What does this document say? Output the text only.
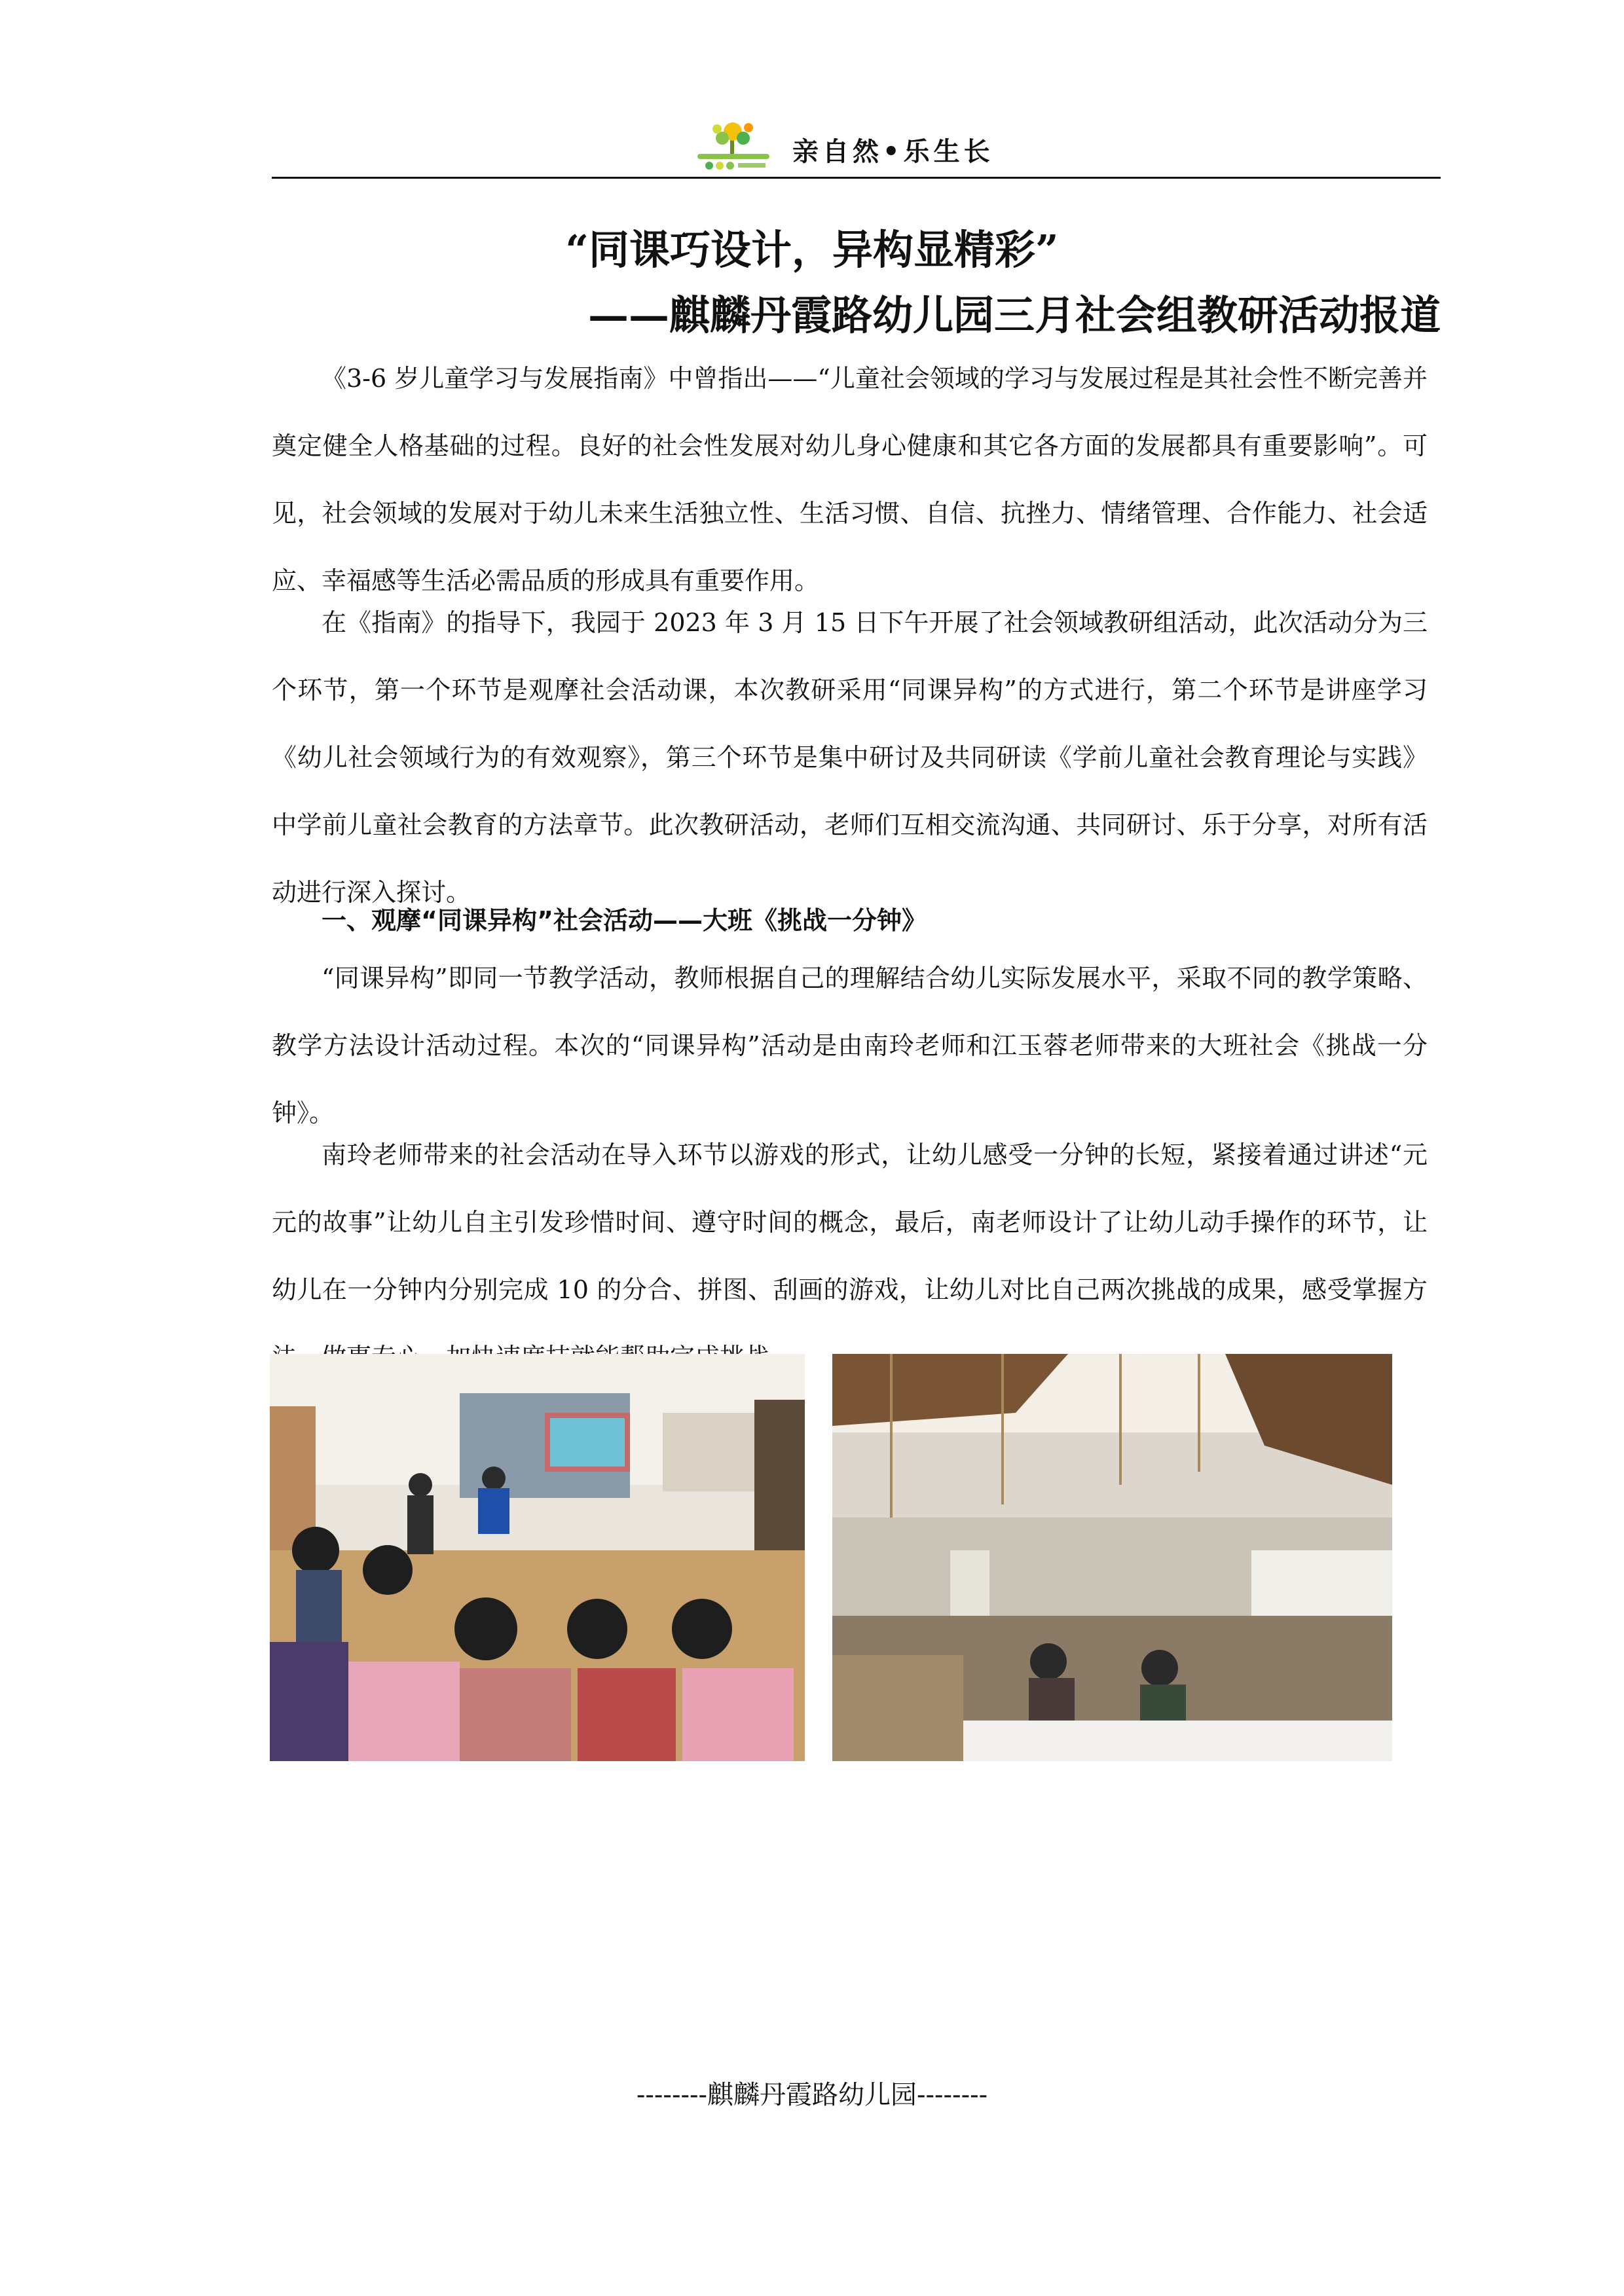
亲自然•乐生长
“同课巧设计，异构显精彩”
——麒麟丹霞路幼儿园三月社会组教研活动报道

《3-6 岁儿童学习与发展指南》中曾指出——“儿童社会领域的学习与发展过程是其社会性不断完善并奠定健全人格基础的过程。良好的社会性发展对幼儿身心健康和其它各方面的发展都具有重要影响”。可见，社会领域的发展对于幼儿未来生活独立性、生活习惯、自信、抗挫力、情绪管理、合作能力、社会适应、幸福感等生活必需品质的形成具有重要作用。

在《指南》的指导下，我园于 2023 年 3 月 15 日下午开展了社会领域教研组活动，此次活动分为三个环节，第一个环节是观摩社会活动课，本次教研采用“同课异构”的方式进行，第二个环节是讲座学习《幼儿社会领域行为的有效观察》，第三个环节是集中研讨及共同研读《学前儿童社会教育理论与实践》中学前儿童社会教育的方法章节。此次教研活动，老师们互相交流沟通、共同研讨、乐于分享，对所有活动进行深入探讨。

一、观摩“同课异构”社会活动——大班《挑战一分钟》

“同课异构”即同一节教学活动，教师根据自己的理解结合幼儿实际发展水平，采取不同的教学策略、教学方法设计活动过程。本次的“同课异构”活动是由南玲老师和江玉蓉老师带来的大班社会《挑战一分钟》。

南玲老师带来的社会活动在导入环节以游戏的形式，让幼儿感受一分钟的长短，紧接着通过讲述“元元的故事”让幼儿自主引发珍惜时间、遵守时间的概念，最后，南老师设计了让幼儿动手操作的环节，让幼儿在一分钟内分别完成 10 的分合、拼图、刮画的游戏，让幼儿对比自己两次挑战的成果，感受掌握方

--------麒麟丹霞路幼儿园--------
